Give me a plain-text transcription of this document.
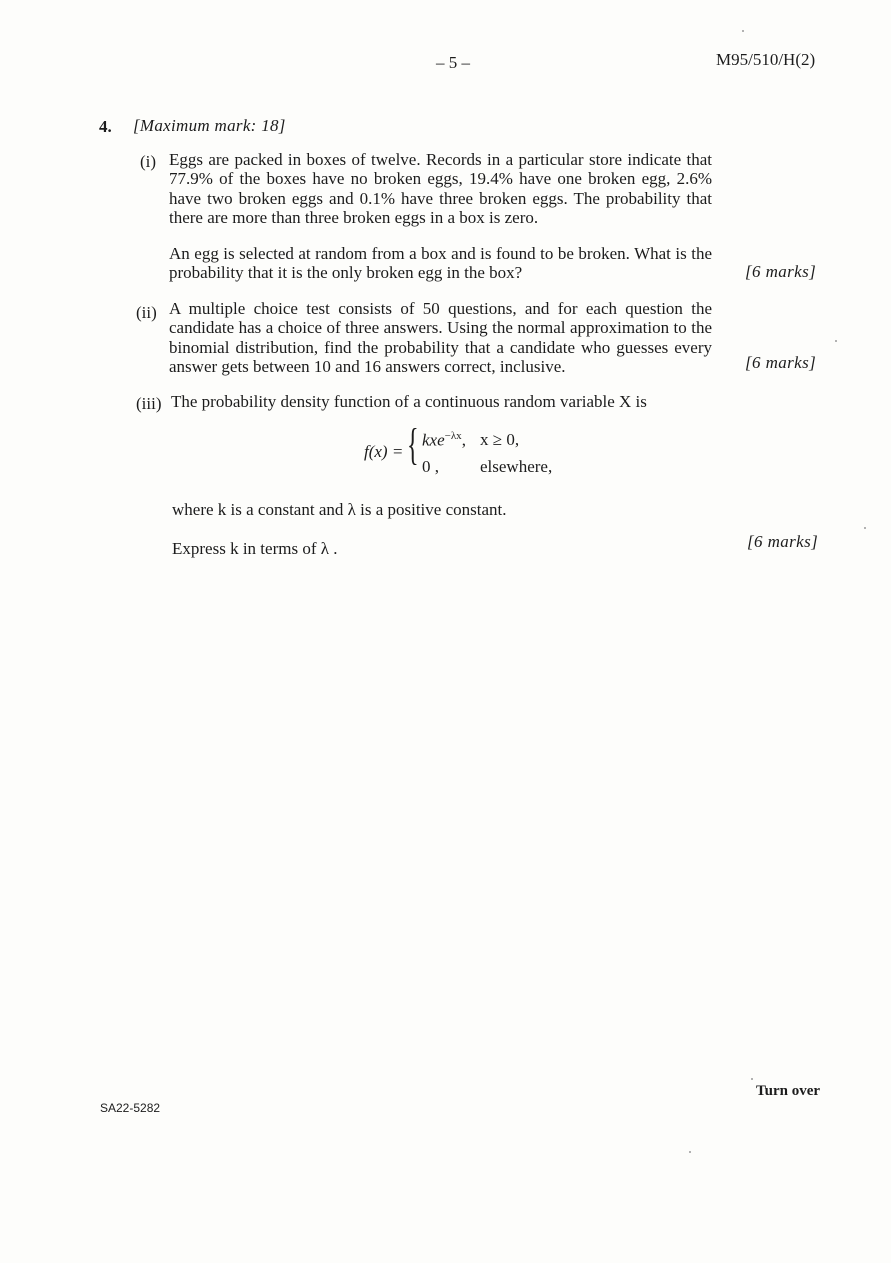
– 5 –	M95/510/H(2)
4. [Maximum mark: 18]
(i) Eggs are packed in boxes of twelve. Records in a particular store indicate that 77.9% of the boxes have no broken eggs, 19.4% have one broken egg, 2.6% have two broken eggs and 0.1% have three broken eggs. The probability that there are more than three broken eggs in a box is zero.
An egg is selected at random from a box and is found to be broken. What is the probability that it is the only broken egg in the box?	[6 marks]
(ii) A multiple choice test consists of 50 questions, and for each question the candidate has a choice of three answers. Using the normal approximation to the binomial distribution, find the probability that a candidate who guesses every answer gets between 10 and 16 answers correct, inclusive.	[6 marks]
(iii) The probability density function of a continuous random variable X is
f(x) = { kxe$^{-\lambda x}$, x ≥ 0,
0 , elsewhere,
where k is a constant and λ is a positive constant.
Express k in terms of λ .	[6 marks]
SA22-5282
Turn over
